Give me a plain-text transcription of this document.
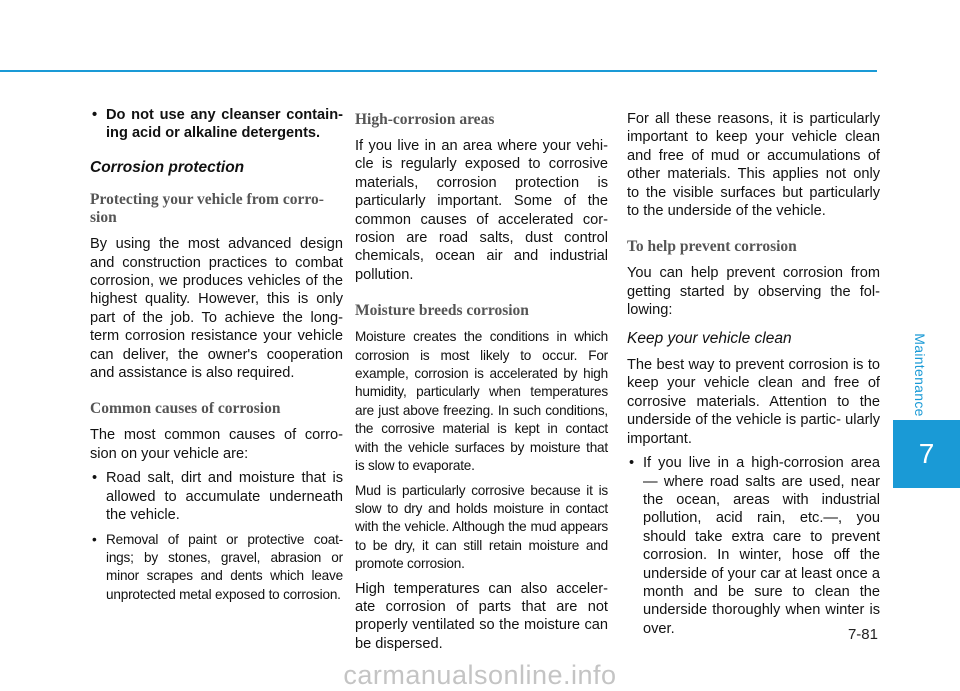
• Do not use any cleanser contain- ing acid or alkaline detergents.

Corrosion protection
Protecting your vehicle from corro- sion

By using the most advanced design and construction practices to combat corrosion, we produces vehicles of the highest quality. However, this is only part of the job. To achieve the long-term corrosion resistance your vehicle can deliver, the owner's cooperation and assistance is also required.

Common causes of corrosion

The most common causes of corro- sion on your vehicle are:

• Road salt, dirt and moisture that is allowed to accumulate underneath the vehicle.

• Removal of paint or protective coat- ings; by stones, gravel, abrasion or minor scrapes and dents which leave unprotected metal exposed to corrosion.

High-corrosion areas

If you live in an area where your vehi- cle is regularly exposed to corrosive materials, corrosion protection is particularly important. Some of the common causes of accelerated cor- rosion are road salts, dust control chemicals, ocean air and industrial pollution.

Moisture breeds corrosion

Moisture creates the conditions in which corrosion is most likely to occur. For example, corrosion is accelerated by high humidity, particularly when temperatures are just above freezing. In such conditions, the corrosive material is kept in contact with the vehicle surfaces by moisture that is slow to evaporate.

Mud is particularly corrosive because it is slow to dry and holds moisture in contact with the vehicle. Although the mud appears to be dry, it can still retain moisture and promote corrosion.

High temperatures can also acceler- ate corrosion of parts that are not properly ventilated so the moisture can be dispersed.

For all these reasons, it is particularly important to keep your vehicle clean and free of mud or accumulations of other materials. This applies not only to the visible surfaces but particularly to the underside of the vehicle.

To help prevent corrosion

You can help prevent corrosion from getting started by observing the fol- lowing:

Keep your vehicle clean

The best way to prevent corrosion is to keep your vehicle clean and free of corrosive materials. Attention to the underside of the vehicle is partic- ularly important.

• If you live in a high-corrosion area — where road salts are used, near the ocean, areas with industrial pollution, acid rain, etc.—, you should take extra care to prevent corrosion. In winter, hose off the underside of your car at least once a month and be sure to clean the underside thoroughly when winter is over.

Maintenance
7
7-81
carmanualsonline.info
